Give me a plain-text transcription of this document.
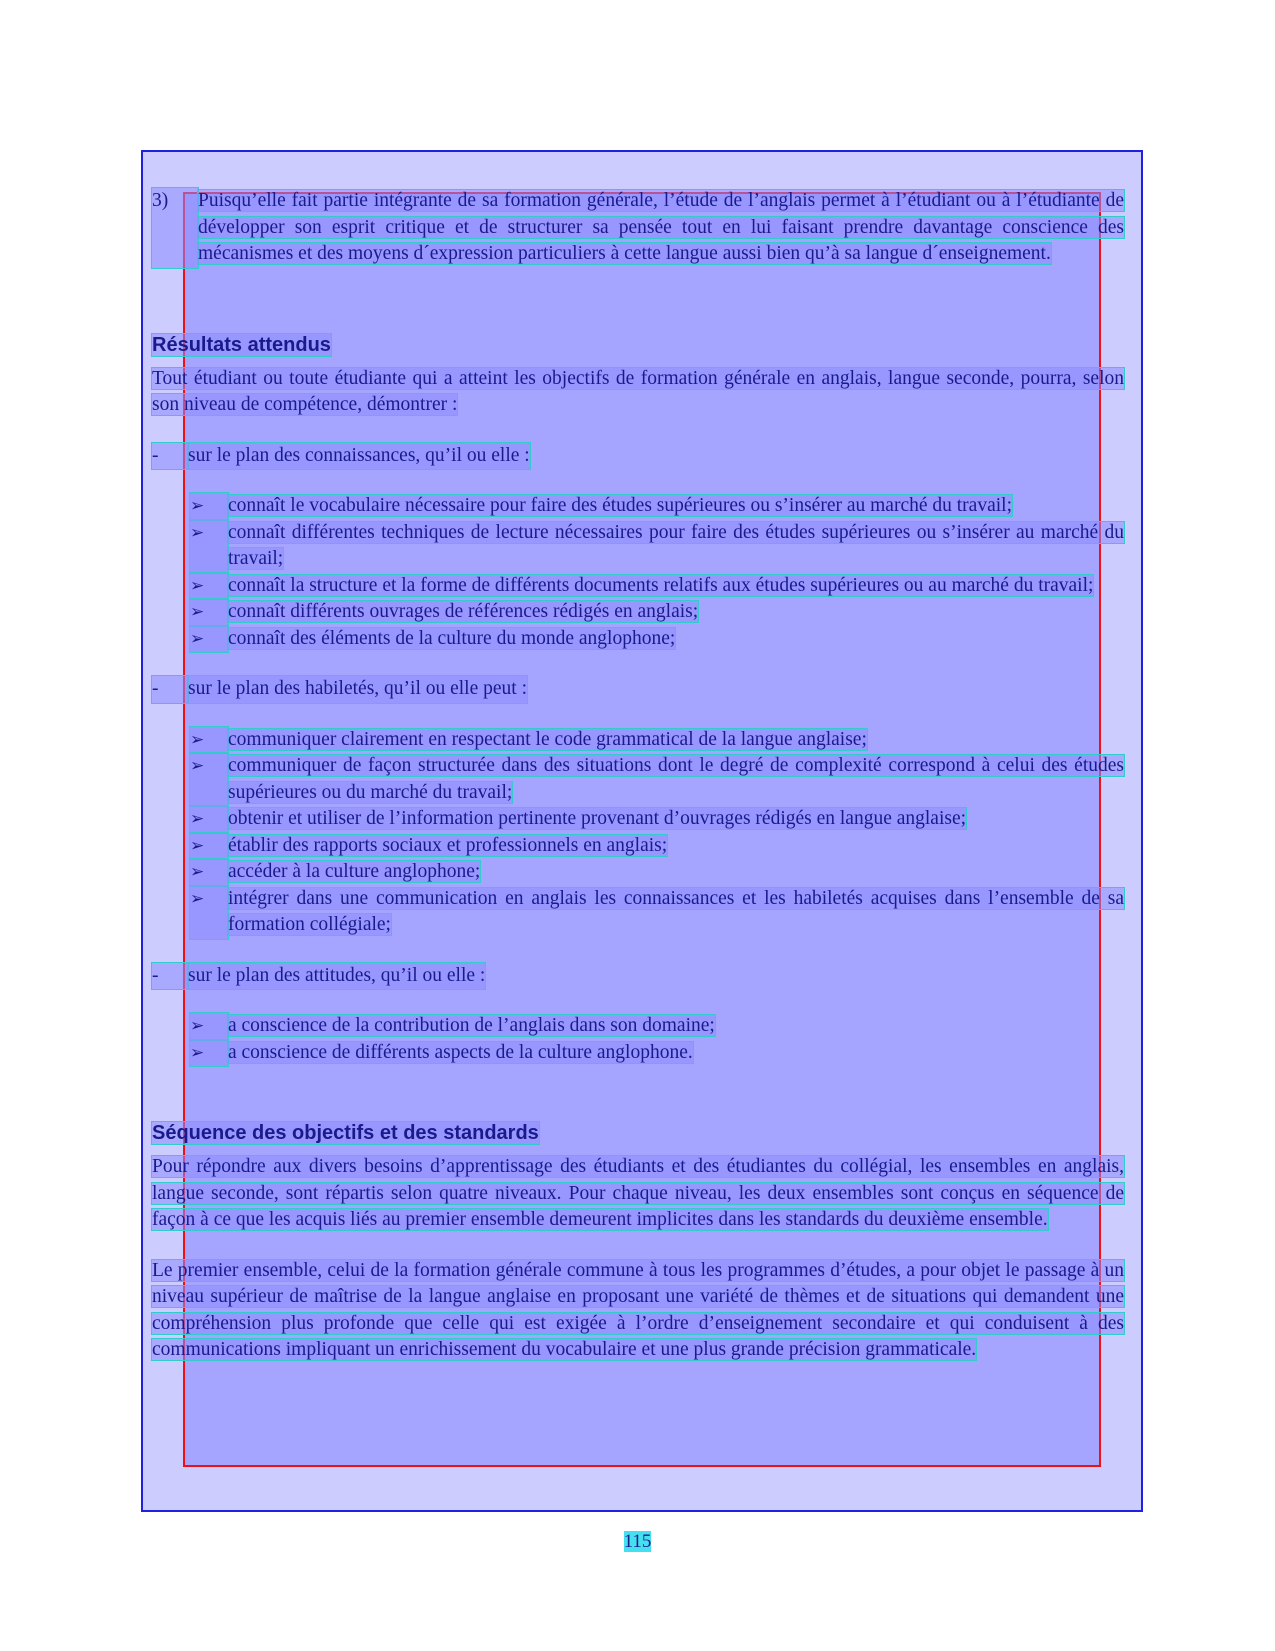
3)	Puisqu’elle fait partie intégrante de sa formation générale, l’étude de l’anglais permet à l’étudiant ou à l’étudiante de développer son esprit critique et de structurer sa pensée tout en lui faisant prendre davantage conscience des mécanismes et des moyens d´expression particuliers à cette langue aussi bien qu’à sa langue d´enseignement.

Résultats attendus

Tout étudiant ou toute étudiante qui a atteint les objectifs de formation générale en anglais, langue seconde, pourra, selon son niveau de compétence, démontrer :

-	sur le plan des connaissances, qu’il ou elle :
➢	connaît le vocabulaire nécessaire pour faire des études supérieures ou s’insérer au marché du travail;
➢	connaît différentes techniques de lecture nécessaires pour faire des études supérieures ou s’insérer au marché du travail;
➢	connaît la structure et la forme de différents documents relatifs aux études supérieures ou au marché du travail;
➢	connaît différents ouvrages de références rédigés en anglais;
➢	connaît des éléments de la culture du monde anglophone;
-	sur le plan des habiletés, qu’il ou elle peut :
➢	communiquer clairement en respectant le code grammatical de la langue anglaise;
➢	communiquer de façon structurée dans des situations dont le degré de complexité correspond à celui des études supérieures ou du marché du travail;
➢	obtenir et utiliser de l’information pertinente provenant d’ouvrages rédigés en langue anglaise;
➢	établir des rapports sociaux et professionnels en anglais;
➢	accéder à la culture anglophone;
➢	intégrer dans une communication en anglais les connaissances et les habiletés acquises dans l’ensemble de sa formation collégiale;
-	sur le plan des attitudes, qu’il ou elle :
➢	a conscience de la contribution de l’anglais dans son domaine;
➢	a conscience de différents aspects de la culture anglophone.
Séquence des objectifs et des standards

Pour répondre aux divers besoins d’apprentissage des étudiants et des étudiantes du collégial, les ensembles en anglais, langue seconde, sont répartis selon quatre niveaux. Pour chaque niveau, les deux ensembles sont conçus en séquence de façon à ce que les acquis liés au premier ensemble demeurent implicites dans les standards du deuxième ensemble.

Le premier ensemble, celui de la formation générale commune à tous les programmes d’études, a pour objet le passage à un niveau supérieur de maîtrise de la langue anglaise en proposant une variété de thèmes et de situations qui demandent une compréhension plus profonde que celle qui est exigée à l’ordre d’enseignement secondaire et qui conduisent à des communications impliquant un enrichissement du vocabulaire et une plus grande précision grammaticale.

115
